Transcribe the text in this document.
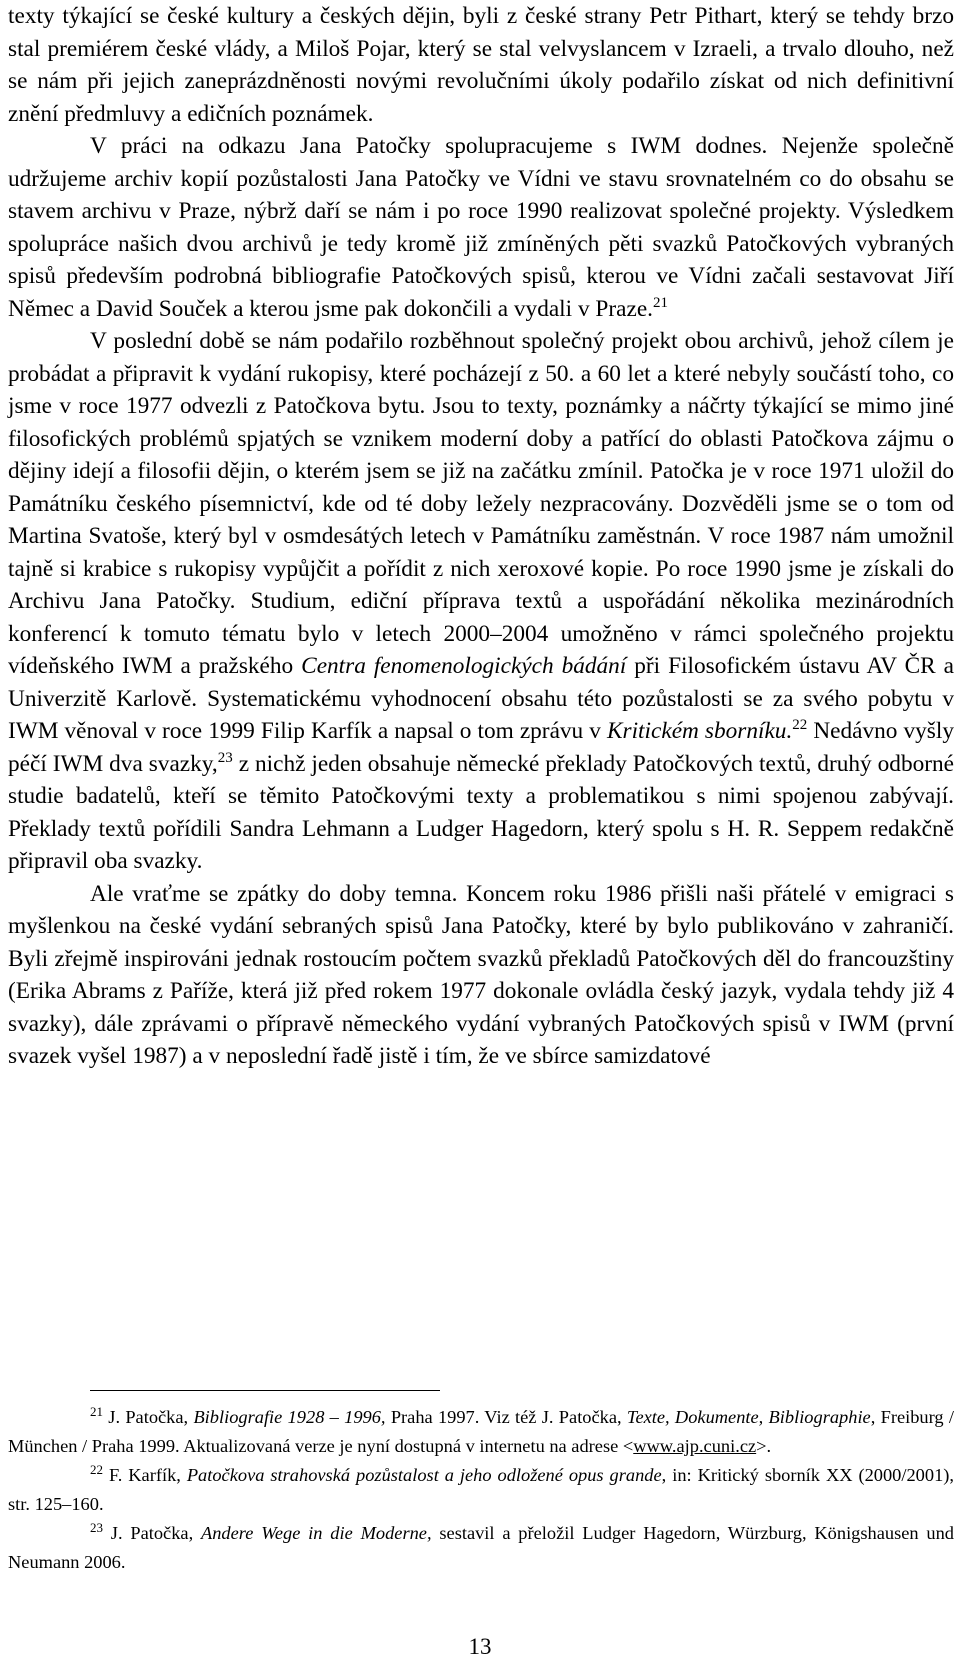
texty týkající se české kultury a českých dějin, byli z české strany Petr Pithart, který se tehdy brzo stal premiérem české vlády, a Miloš Pojar, který se stal velvyslancem v Izraeli, a trvalo dlouho, než se nám při jejich zaneprázdněnosti novými revolučními úkoly podařilo získat od nich definitivní znění předmluvy a edičních poznámek.

V práci na odkazu Jana Patočky spolupracujeme s IWM dodnes. Nejenže společně udržujeme archiv kopií pozůstalosti Jana Patočky ve Vídni ve stavu srovnatelném co do obsahu se stavem archivu v Praze, nýbrž daří se nám i po roce 1990 realizovat společné projekty. Výsledkem spolupráce našich dvou archivů je tedy kromě již zmíněných pěti svazků Patočkových vybraných spisů především podrobná bibliografie Patočkových spisů, kterou ve Vídni začali sestavovat Jiří Němec a David Souček a kterou jsme pak dokončili a vydali v Praze.$^{21}$

V poslední době se nám podařilo rozběhnout společný projekt obou archivů, jehož cílem je probádat a připravit k vydání rukopisy, které pocházejí z 50. a 60 let a které nebyly součástí toho, co jsme v roce 1977 odvezli z Patočkova bytu. Jsou to texty, poznámky a náčrty týkající se mimo jiné filosofických problémů spjatých se vznikem moderní doby a patřící do oblasti Patočkova zájmu o dějiny idejí a filosofii dějin, o kterém jsem se již na začátku zmínil. Patočka je v roce 1971 uložil do Památníku českého písemnictví, kde od té doby ležely nezpracovány. Dozvěděli jsme se o tom od Martina Svatoše, který byl v osmdesátých letech v Památníku zaměstnán. V roce 1987 nám umožnil tajně si krabice s rukopisy vypůjčit a pořídit z nich xeroxové kopie. Po roce 1990 jsme je získali do Archivu Jana Patočky. Studium, ediční příprava textů a uspořádání několika mezinárodních konferencí k tomuto tématu bylo v letech 2000–2004 umožněno v rámci společného projektu vídeňského IWM a pražského Centra fenomenologických bádání při Filosofickém ústavu AV ČR a Univerzitě Karlově. Systematickému vyhodnocení obsahu této pozůstalosti se za svého pobytu v IWM věnoval v roce 1999 Filip Karfík a napsal o tom zprávu v Kritickém sborníku.$^{22}$ Nedávno vyšly péčí IWM dva svazky,$^{23}$ z nichž jeden obsahuje německé překlady Patočkových textů, druhý odborné studie badatelů, kteří se těmito Patočkovými texty a problematikou s nimi spojenou zabývají. Překlady textů pořídili Sandra Lehmann a Ludger Hagedorn, který spolu s H. R. Seppem redakčně připravil oba svazky.

Ale vraťme se zpátky do doby temna. Koncem roku 1986 přišli naši přátelé v emigraci s myšlenkou na české vydání sebraných spisů Jana Patočky, které by bylo publikováno v zahraničí. Byli zřejmě inspirováni jednak rostoucím počtem svazků překladů Patočkových děl do francouzštiny (Erika Abrams z Paříže, která již před rokem 1977 dokonale ovládla český jazyk, vydala tehdy již 4 svazky), dále zprávami o přípravě německého vydání vybraných Patočkových spisů v IWM (první svazek vyšel 1987) a v neposlední řadě jistě i tím, že ve sbírce samizdatové

$^{21}$ J. Patočka, Bibliografie 1928 – 1996, Praha 1997. Viz též J. Patočka, Texte, Dokumente, Bibliographie, Freiburg / München / Praha 1999. Aktualizovaná verze je nyní dostupná v internetu na adrese <www.ajp.cuni.cz>.

$^{22}$ F. Karfík, Patočkova strahovská pozůstalost a jeho odložené opus grande, in: Kritický sborník XX (2000/2001), str. 125–160.

$^{23}$ J. Patočka, Andere Wege in die Moderne, sestavil a přeložil Ludger Hagedorn, Würzburg, Königshausen und Neumann 2006.

13
